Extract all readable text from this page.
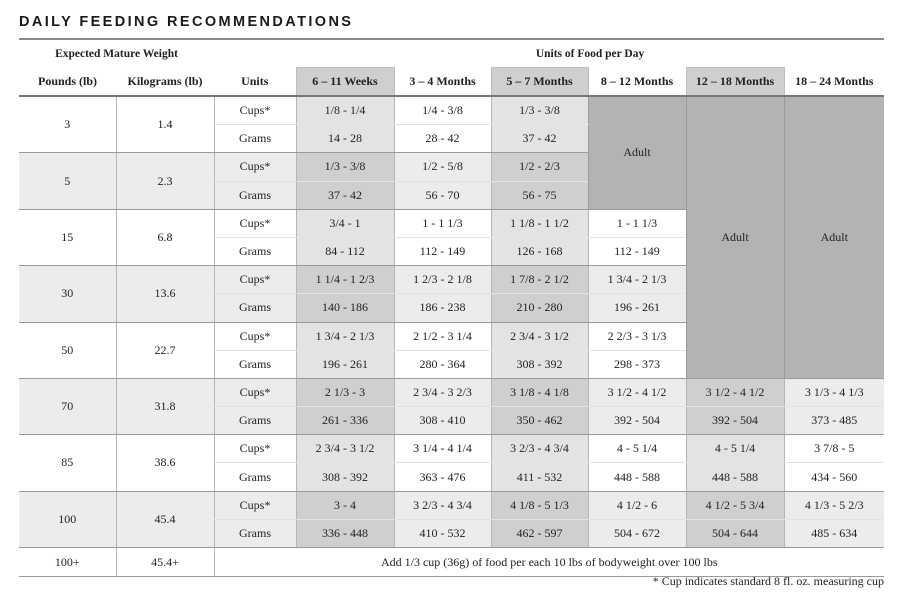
DAILY FEEDING RECOMMENDATIONS
Expected Mature Weight			Units of Food per Day					
Pounds (lb)	Kilograms (lb)	Units	6 – 11 Weeks	3 – 4 Months	5 – 7 Months	8 – 12 Months	12 – 18 Months	18 – 24 Months
3	1.4	Cups*	1/8 - 1/4	1/4 - 3/8	1/3 - 3/8	Adult	Adult	Adult
		Grams	14 - 28	28 - 42	37 - 42			
5	2.3	Cups*	1/3 - 3/8	1/2 - 5/8	1/2 - 2/3			
		Grams	37 - 42	56 - 70	56 - 75			
15	6.8	Cups*	3/4 - 1	1 - 1 1/3	1 1/8 - 1 1/2	1 - 1 1/3		
		Grams	84 - 112	112 - 149	126 - 168	112 - 149		
30	13.6	Cups*	1 1/4 - 1 2/3	1 2/3 - 2 1/8	1 7/8 - 2 1/2	1 3/4 - 2 1/3		
		Grams	140 - 186	186 - 238	210 - 280	196 - 261		
50	22.7	Cups*	1 3/4 - 2 1/3	2 1/2 - 3 1/4	2 3/4 - 3 1/2	2 2/3 - 3 1/3		
		Grams	196 - 261	280 - 364	308 - 392	298 - 373		
70	31.8	Cups*	2 1/3 - 3	2 3/4 - 3 2/3	3 1/8 - 4 1/8	3 1/2 - 4 1/2	3 1/2 - 4 1/2	3 1/3 - 4 1/3
		Grams	261 - 336	308 - 410	350 - 462	392 - 504	392 - 504	373 - 485
85	38.6	Cups*	2 3/4 - 3 1/2	3 1/4 - 4 1/4	3 2/3 - 4 3/4	4 - 5 1/4	4 - 5 1/4	3 7/8 - 5
		Grams	308 - 392	363 - 476	411 - 532	448 - 588	448 - 588	434 - 560
100	45.4	Cups*	3 - 4	3 2/3 - 4 3/4	4 1/8 - 5 1/3	4 1/2 - 6	4 1/2 - 5 3/4	4 1/3 - 5 2/3
		Grams	336 - 448	410 - 532	462 - 597	504 - 672	504 - 644	485 - 634
100+	45.4+	Add 1/3 cup (36g) of food per each 10 lbs of bodyweight over 100 lbs						
* Cup indicates standard 8 fl. oz. measuring cup
